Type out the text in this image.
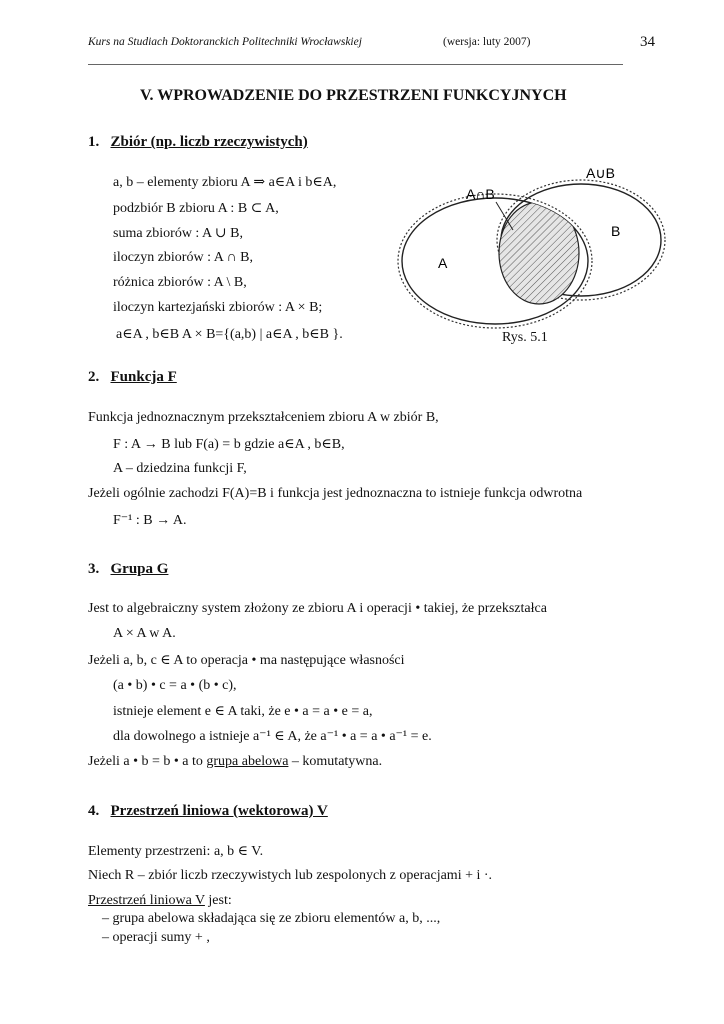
Kurs na Studiach Doktoranckich Politechniki Wrocławskiej	(wersja: luty 2007)	34
V. WPROWADZENIE DO PRZESTRZENI FUNKCYJNYCH
1. Zbiór (np. liczb rzeczywistych)
a, b – elementy zbioru A ⇒ a∈A i b∈A,
podzbiór B zbioru A : B ⊂ A,
suma zbiorów : A ∪ B,
iloczyn zbiorów : A ∩ B,
różnica zbiorów : A \ B,
iloczyn kartezjański zbiorów : A × B;
a∈A , b∈B A × B={(a,b) | a∈A , b∈B }.
A∩B
A∪B
A
B
Rys. 5.1
2. Funkcja F
Funkcja jednoznacznym przekształceniem zbioru A w zbiór B,
F : A → B lub F(a) = b gdzie a∈A , b∈B,
A – dziedzina funkcji F,
Jeżeli ogólnie zachodzi F(A)=B i funkcja jest jednoznaczna to istnieje funkcja odwrotna
F⁻¹ : B → A.
3. Grupa G
Jest to algebraiczny system złożony ze zbioru A i operacji • takiej, że przekształca
A × A w A.
Jeżeli a, b, c ∈ A to operacja • ma następujące własności
(a • b) • c = a • (b • c),
istnieje element e ∈ A taki, że e • a = a • e = a,
dla dowolnego a istnieje a⁻¹ ∈ A, że a⁻¹ • a = a • a⁻¹ = e.
Jeżeli a • b = b • a to grupa abelowa – komutatywna.
4. Przestrzeń liniowa (wektorowa) V
Elementy przestrzeni: a, b ∈ V.
Niech R – zbiór liczb rzeczywistych lub zespolonych z operacjami + i ·.
Przestrzeń liniowa V jest:
– grupa abelowa składająca się ze zbioru elementów a, b, ...,
– operacji sumy + ,
